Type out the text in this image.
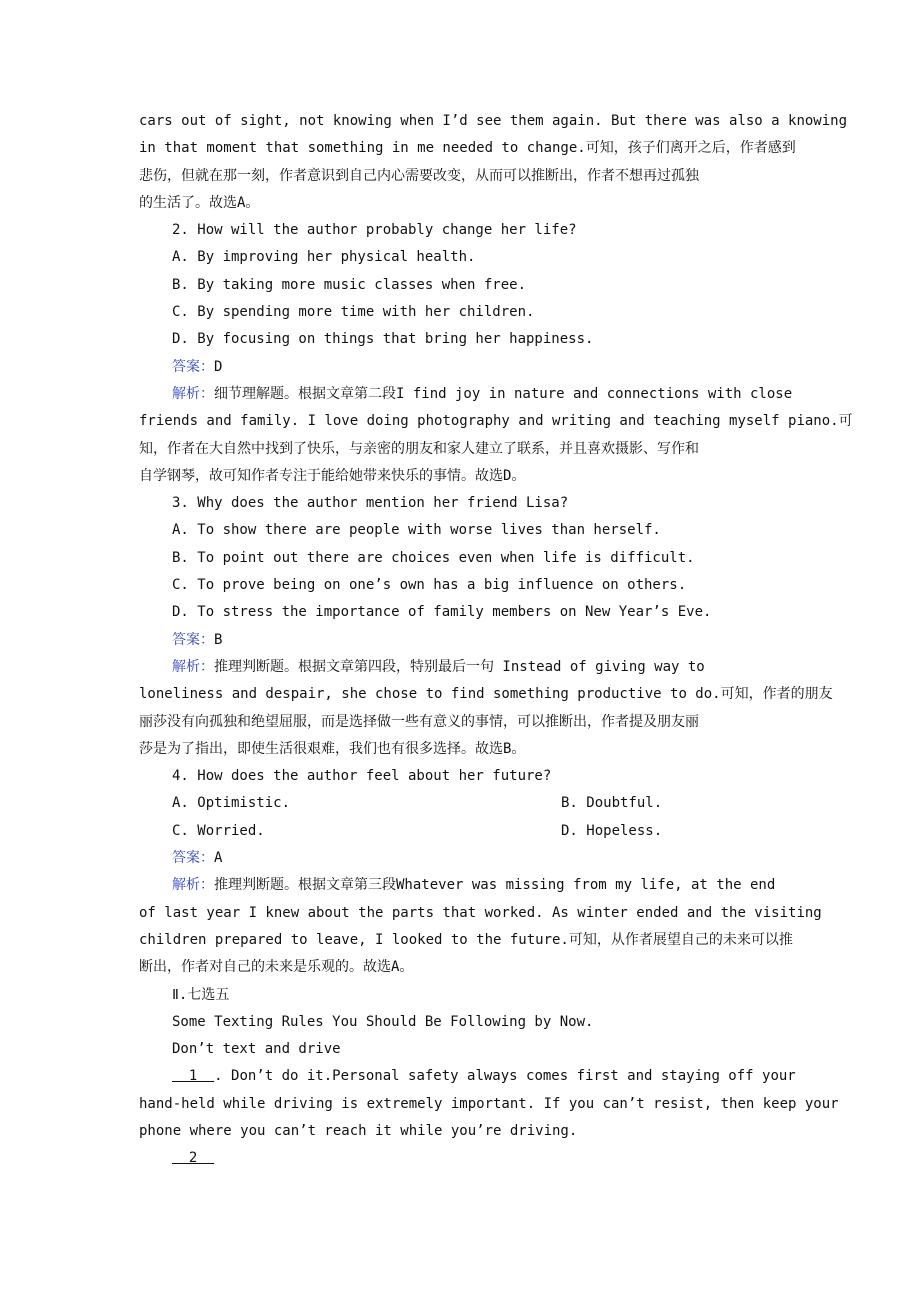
cars out of sight, not knowing when I’d see them again. But there was also a knowing
in that moment that something in me needed to change.可知，孩子们离开之后，作者感到
悲伤，但就在那一刻，作者意识到自己内心需要改变，从而可以推断出，作者不想再过孤独
的生活了。故选A。
2. How will the author probably change her life?
A. By improving her physical health.
B. By taking more music classes when free.
C. By spending more time with her children.
D. By focusing on things that bring her happiness.
答案：D
解析：细节理解题。根据文章第二段I find joy in nature and connections with close
friends and family. I love doing photography and writing and teaching myself piano.可
知，作者在大自然中找到了快乐，与亲密的朋友和家人建立了联系，并且喜欢摄影、写作和
自学钢琴，故可知作者专注于能给她带来快乐的事情。故选D。
3. Why does the author mention her friend Lisa?
A. To show there are people with worse lives than herself.
B. To point out there are choices even when life is difficult.
C. To prove being on one’s own has a big influence on others.
D. To stress the importance of family members on New Year’s Eve.
答案：B
解析：推理判断题。根据文章第四段，特别最后一句 Instead of giving way to
loneliness and despair, she chose to find something productive to do.可知，作者的朋友
丽莎没有向孤独和绝望屈服，而是选择做一些有意义的事情，可以推断出，作者提及朋友丽
莎是为了指出，即使生活很艰难，我们也有很多选择。故选B。
4. How does the author feel about her future?
A. Optimistic.	B. Doubtful.
C. Worried.	D. Hopeless.
答案：A
解析：推理判断题。根据文章第三段Whatever was missing from my life, at the end
of last year I knew about the parts that worked. As winter ended and the visiting
children prepared to leave, I looked to the future.可知，从作者展望自己的未来可以推
断出，作者对自己的未来是乐观的。故选A。
Ⅱ.七选五
Some Texting Rules You Should Be Following by Now.
Don’t text and drive
1  . Don’t do it.Personal safety always comes first and staying off your
hand-held while driving is extremely important. If you can’t resist, then keep your
phone where you can’t reach it while you’re driving.
2
